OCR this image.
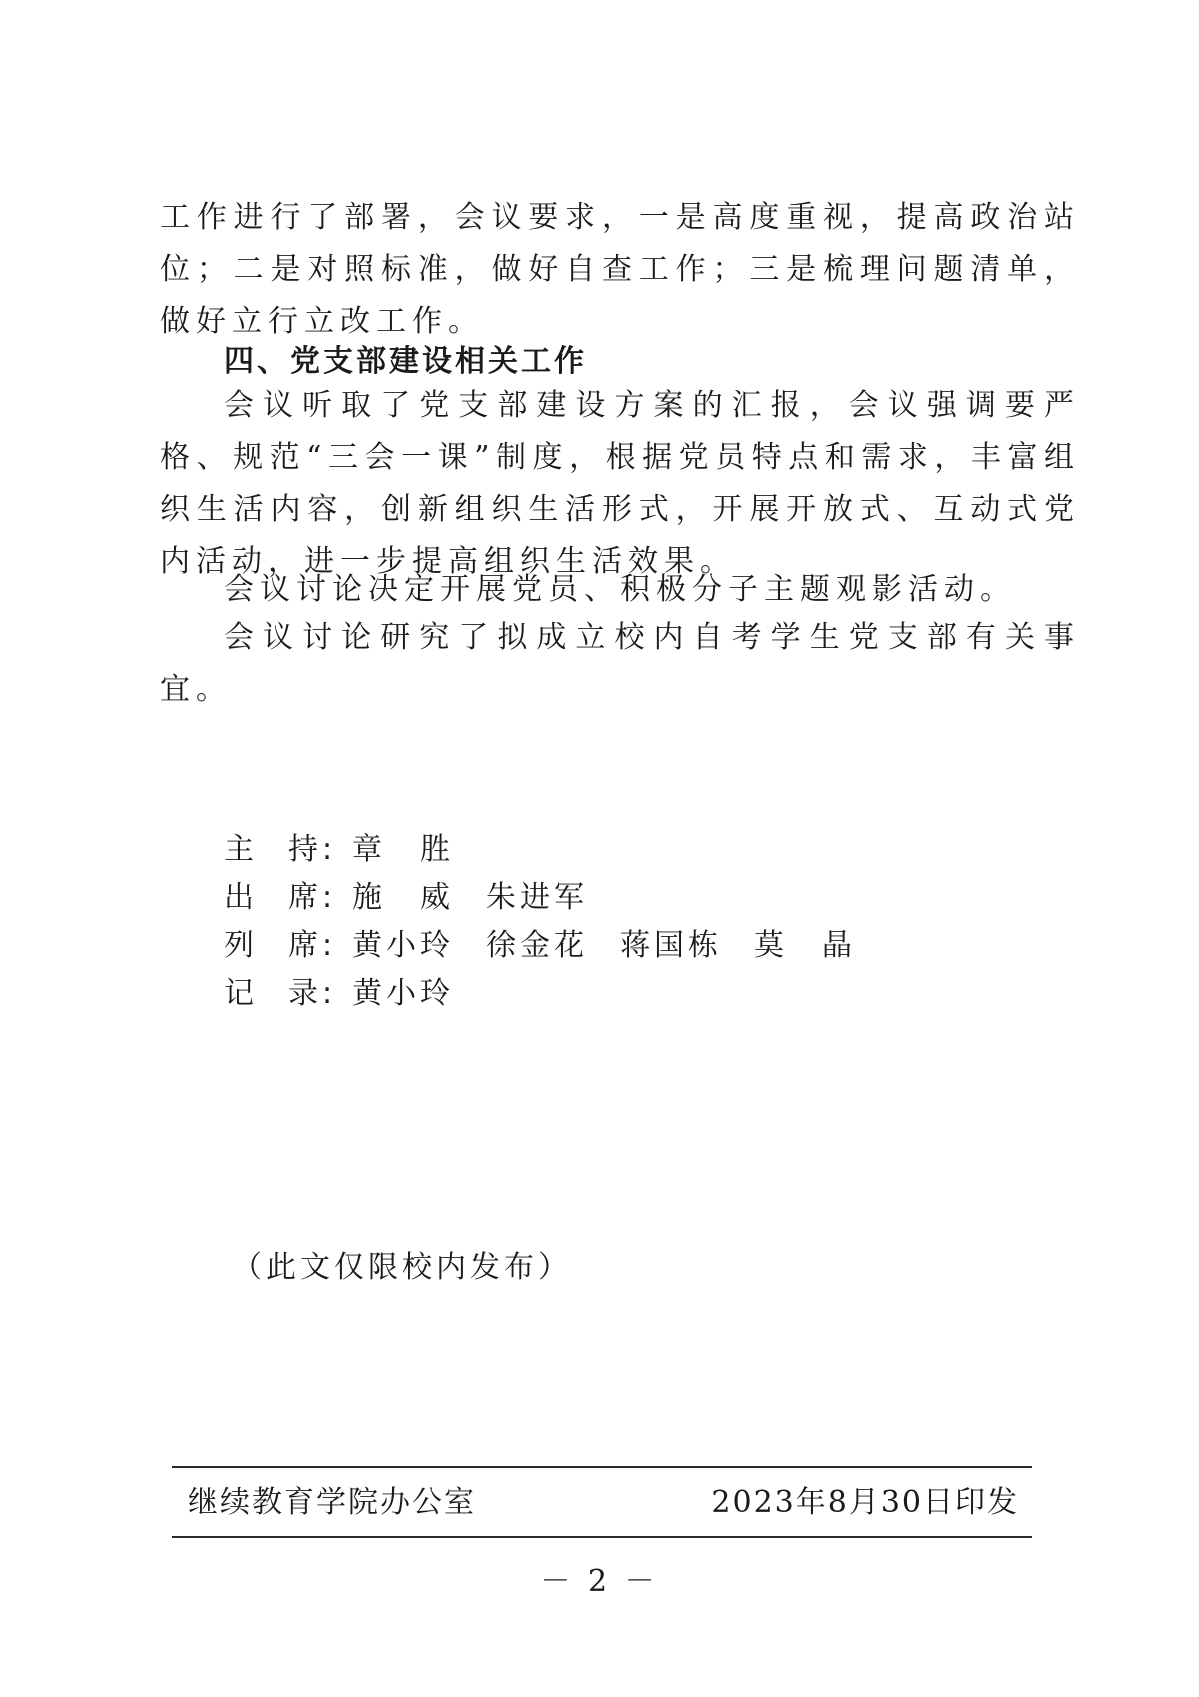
工作进行了部署，会议要求，一是高度重视，提高政治站位；二是对照标准，做好自查工作；三是梳理问题清单，做好立行立改工作。

四、党支部建设相关工作

会议听取了党支部建设方案的汇报，会议强调要严格、规范“三会一课”制度，根据党员特点和需求，丰富组织生活内容，创新组织生活形式，开展开放式、互动式党内活动，进一步提高组织生活效果。

会议讨论决定开展党员、积极分子主题观影活动。

会议讨论研究了拟成立校内自考学生党支部有关事宜。

主　持: 章　胜
出　席: 施　威 朱进军
列　席: 黄小玲 徐金花 蒋国栋 莫　晶
记　录: 黄小玲
（此文仅限校内发布）
继续教育学院办公室	2023年8月30日印发
－ 2 －
